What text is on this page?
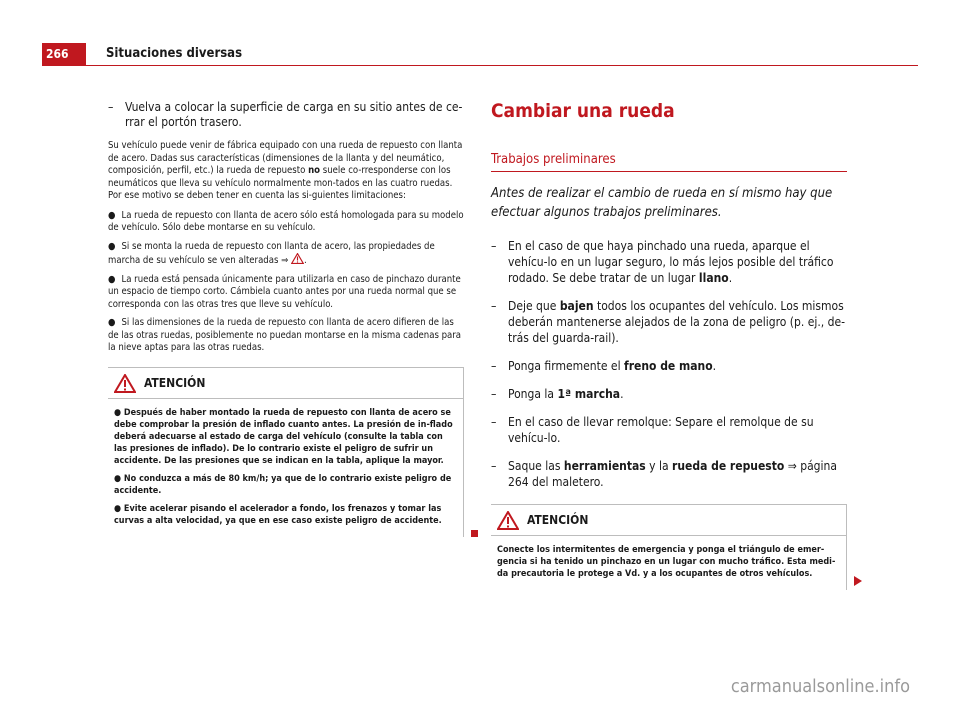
266	Situaciones diversas
– Vuelva a colocar la superficie de carga en su sitio antes de ce-rrar el portón trasero.

Su vehículo puede venir de fábrica equipado con una rueda de repuesto con llanta de acero. Dadas sus características (dimensiones de la llanta y del neumático, composición, perfil, etc.) la rueda de repuesto no suele co-rresponderse con los neumáticos que lleva su vehículo normalmente mon-tados en las cuatro ruedas. Por ese motivo se deben tener en cuenta las si-guientes limitaciones:

● La rueda de repuesto con llanta de acero sólo está homologada para su modelo de vehículo. Sólo debe montarse en su vehículo.
● Si se monta la rueda de repuesto con llanta de acero, las propiedades de marcha de su vehículo se ven alteradas ⇒ .
● La rueda está pensada únicamente para utilizarla en caso de pinchazo durante un espacio de tiempo corto. Cámbiela cuanto antes por una rueda normal que se corresponda con las otras tres que lleve su vehículo.
● Si las dimensiones de la rueda de repuesto con llanta de acero difieren de las de las otras ruedas, posiblemente no puedan montarse en la misma cadenas para la nieve aptas para las otras ruedas.
ATENCIÓN
● Después de haber montado la rueda de repuesto con llanta de acero se debe comprobar la presión de inflado cuanto antes. La presión de in-flado deberá adecuarse al estado de carga del vehículo (consulte la tabla con las presiones de inflado). De lo contrario existe el peligro de sufrir un accidente. De las presiones que se indican en la tabla, aplique la mayor.
● No conduzca a más de 80 km/h; ya que de lo contrario existe peligro de accidente.
● Evite acelerar pisando el acelerador a fondo, los frenazos y tomar las curvas a alta velocidad, ya que en ese caso existe peligro de accidente.
Cambiar una rueda
Trabajos preliminares

Antes de realizar el cambio de rueda en sí mismo hay que efectuar algunos trabajos preliminares.

– En el caso de que haya pinchado una rueda, aparque el vehícu-lo en un lugar seguro, lo más lejos posible del tráfico rodado. Se debe tratar de un lugar llano.
– Deje que bajen todos los ocupantes del vehículo. Los mismos deberán mantenerse alejados de la zona de peligro (p. ej., de-trás del guarda-rail).
– Ponga firmemente el freno de mano.
– Ponga la 1ª marcha.
– En el caso de llevar remolque: Separe el remolque de su vehícu-lo.
– Saque las herramientas y la rueda de repuesto ⇒ página 264 del maletero.
ATENCIÓN
Conecte los intermitentes de emergencia y ponga el triángulo de emer-gencia si ha tenido un pinchazo en un lugar con mucho tráfico. Esta medi-da precautoria le protege a Vd. y a los ocupantes de otros vehículos.
carmanualsonline.info
